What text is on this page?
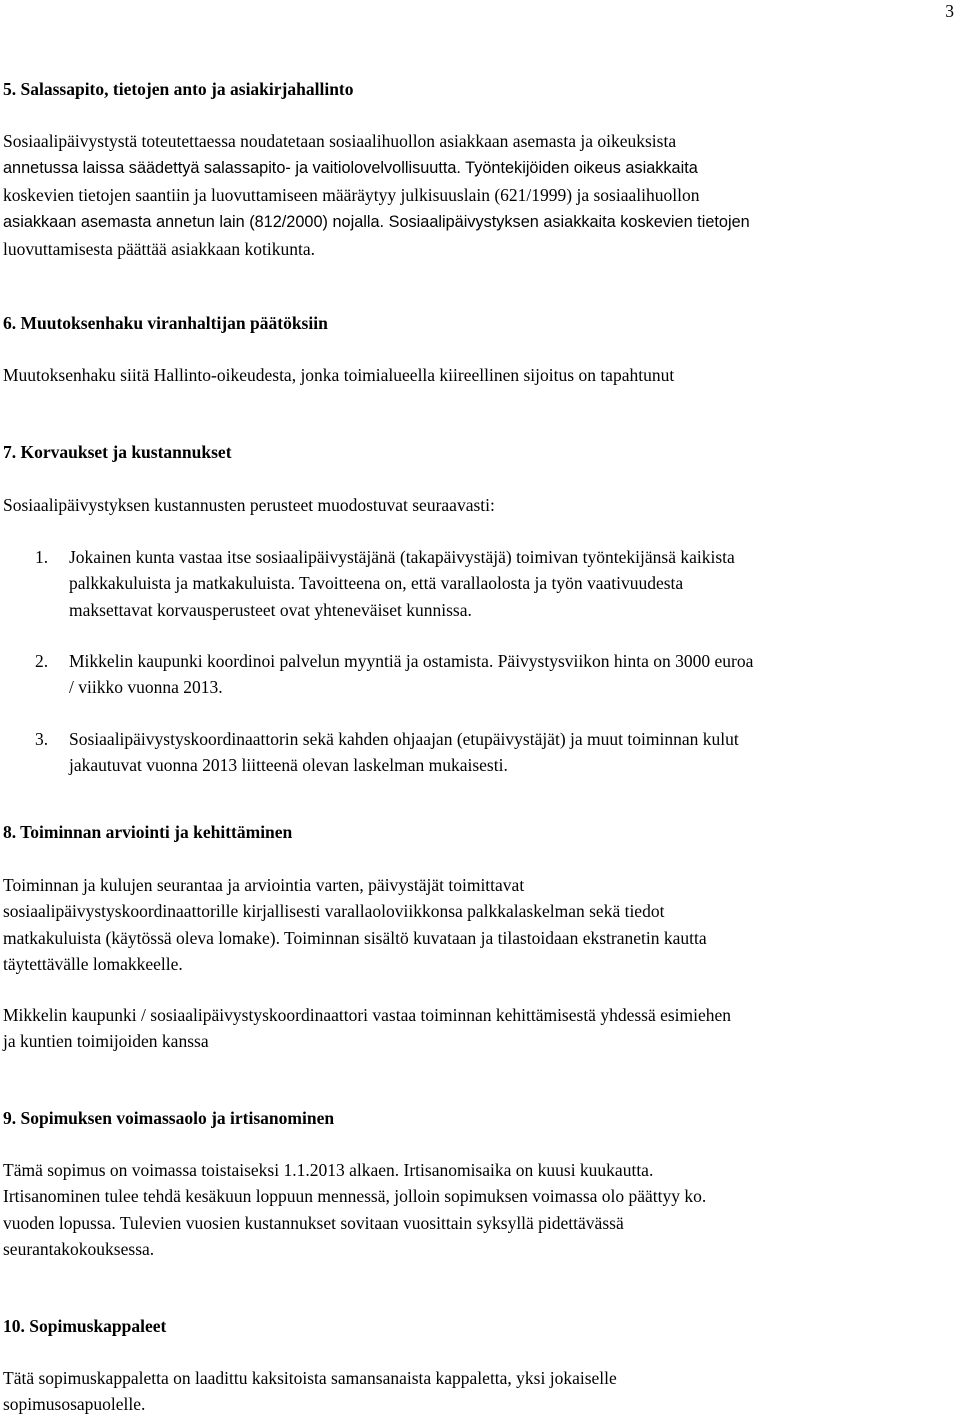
3

5. Salassapito, tietojen anto ja asiakirjahallinto

Sosiaalipäivystystä toteutettaessa noudatetaan sosiaalihuollon asiakkaan asemasta ja oikeuksista
annetussa laissa säädettyä salassapito- ja vaitiolovelvollisuutta. Työntekijöiden oikeus asiakkaita
koskevien tietojen saantiin ja luovuttamiseen määräytyy julkisuuslain (621/1999) ja sosiaalihuollon
asiakkaan asemasta annetun lain (812/2000) nojalla. Sosiaalipäivystyksen asiakkaita koskevien tietojen
luovuttamisesta päättää asiakkaan kotikunta.

6. Muutoksenhaku viranhaltijan päätöksiin

Muutoksenhaku siitä Hallinto-oikeudesta, jonka toimialueella kiireellinen sijoitus on tapahtunut

7. Korvaukset ja kustannukset

Sosiaalipäivystyksen kustannusten perusteet muodostuvat seuraavasti:
1.	Jokainen kunta vastaa itse sosiaalipäivystäjänä (takapäivystäjä) toimivan työntekijänsä kaikista
palkkakuluista ja matkakuluista. Tavoitteena on, että varallaolosta ja työn vaativuudesta
maksettavat korvausperusteet ovat yhteneväiset kunnissa.
2.	Mikkelin kaupunki koordinoi palvelun myyntiä ja ostamista. Päivystysviikon hinta on 3000 euroa
/ viikko vuonna 2013.
3.	Sosiaalipäivystyskoordinaattorin sekä kahden ohjaajan (etupäivystäjät) ja muut toiminnan kulut
jakautuvat vuonna 2013 liitteenä olevan laskelman mukaisesti.

8. Toiminnan arviointi ja kehittäminen

Toiminnan ja kulujen seurantaa ja arviointia varten, päivystäjät toimittavat
sosiaalipäivystyskoordinaattorille kirjallisesti varallaoloviikkonsa palkkalaskelman sekä tiedot
matkakuluista (käytössä oleva lomake). Toiminnan sisältö kuvataan ja tilastoidaan ekstranetin kautta
täytettävälle lomakkeelle.
Mikkelin kaupunki / sosiaalipäivystyskoordinaattori vastaa toiminnan kehittämisestä yhdessä esimiehen
ja kuntien toimijoiden kanssa

9. Sopimuksen voimassaolo ja irtisanominen

Tämä sopimus on voimassa toistaiseksi 1.1.2013 alkaen. Irtisanomisaika on kuusi kuukautta.
Irtisanominen tulee tehdä kesäkuun loppuun mennessä, jolloin sopimuksen voimassa olo päättyy ko.
vuoden lopussa. Tulevien vuosien kustannukset sovitaan vuosittain syksyllä pidettävässä
seurantakokouksessa.

10. Sopimuskappaleet

Tätä sopimuskappaletta on laadittu kaksitoista samansanaista kappaletta, yksi jokaiselle
sopimusosapuolelle.
